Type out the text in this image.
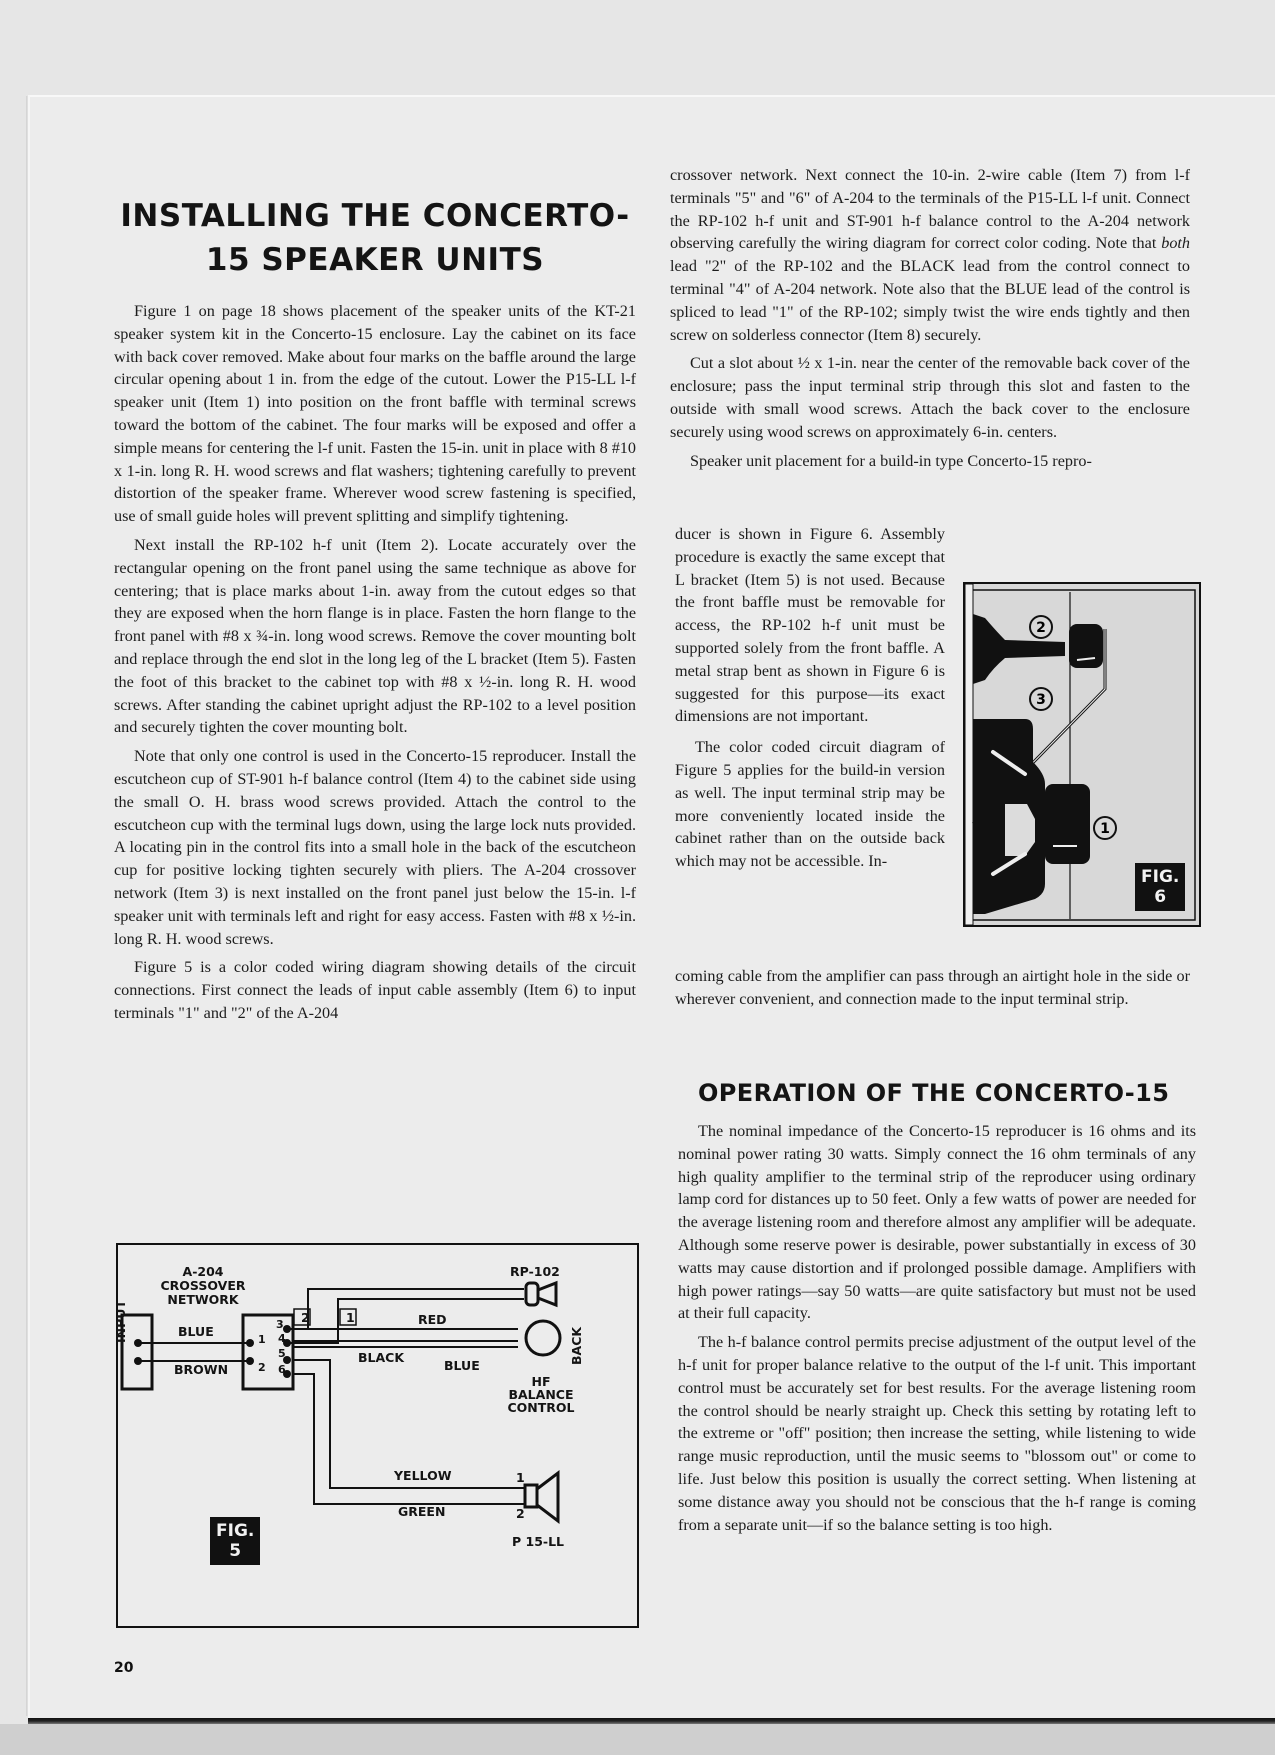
INSTALLING THE CONCERTO-15 SPEAKER UNITS

Figure 1 on page 18 shows placement of the speaker units of the KT-21 speaker system kit in the Concerto-15 enclosure. Lay the cabinet on its face with back cover removed. Make about four marks on the baffle around the large circular opening about 1 in. from the edge of the cutout. Lower the P15-LL l-f speaker unit (Item 1) into position on the front baffle with terminal screws toward the bottom of the cabinet. The four marks will be exposed and offer a simple means for centering the l-f unit. Fasten the 15-in. unit in place with 8 #10 x 1-in. long R. H. wood screws and flat washers; tightening carefully to prevent distortion of the speaker frame. Wherever wood screw fastening is specified, use of small guide holes will prevent splitting and simplify tightening.

Next install the RP-102 h-f unit (Item 2). Locate accurately over the rectangular opening on the front panel using the same technique as above for centering; that is place marks about 1-in. away from the cutout edges so that they are exposed when the horn flange is in place. Fasten the horn flange to the front panel with #8 x ¾-in. long wood screws. Remove the cover mounting bolt and replace through the end slot in the long leg of the L bracket (Item 5). Fasten the foot of this bracket to the cabinet top with #8 x ½-in. long R. H. wood screws. After standing the cabinet upright adjust the RP-102 to a level position and securely tighten the cover mounting bolt.

Note that only one control is used in the Concerto-15 reproducer. Install the escutcheon cup of ST-901 h-f balance control (Item 4) to the cabinet side using the small O. H. brass wood screws provided. Attach the control to the escutcheon cup with the terminal lugs down, using the large lock nuts provided. A locating pin in the control fits into a small hole in the back of the escutcheon cup for positive locking tighten securely with pliers. The A-204 crossover network (Item 3) is next installed on the front panel just below the 15-in. l-f speaker unit with terminals left and right for easy access. Fasten with #8 x ½-in. long R. H. wood screws.

Figure 5 is a color coded wiring diagram showing details of the circuit connections. First connect the leads of input cable assembly (Item 6) to input terminals "1" and "2" of the A-204

crossover network. Next connect the 10-in. 2-wire cable (Item 7) from l-f terminals "5" and "6" of A-204 to the terminals of the P15-LL l-f unit. Connect the RP-102 h-f unit and ST-901 h-f balance control to the A-204 network observing carefully the wiring diagram for correct color coding. Note that both lead "2" of the RP-102 and the BLACK lead from the control connect to terminal "4" of A-204 network. Note also that the BLUE lead of the control is spliced to lead "1" of the RP-102; simply twist the wire ends tightly and then screw on solderless connector (Item 8) securely.

Cut a slot about ½ x 1-in. near the center of the removable back cover of the enclosure; pass the input terminal strip through this slot and fasten to the outside with small wood screws. Attach the back cover to the enclosure securely using wood screws on approximately 6-in. centers.

Speaker unit placement for a build-in type Concerto-15 repro-

ducer is shown in Figure 6. Assembly procedure is exactly the same except that L bracket (Item 5) is not used. Because the front baffle must be removable for access, the RP-102 h-f unit must be supported solely from the front baffle. A metal strap bent as shown in Figure 6 is suggested for this purpose—its exact dimensions are not important.

The color coded circuit diagram of Figure 5 applies for the build-in version as well. The input terminal strip may be more conveniently located inside the cabinet rather than on the outside back which may not be accessible. In-

coming cable from the amplifier can pass through an airtight hole in the side or wherever convenient, and connection made to the input terminal strip.

2
3
1
FIG.
6
2	1
INPUT
A-204
CROSSOVER
NETWORK
BLUE
BROWN
3
4
5
6
1
2
RED
BLACK
BLUE
YELLOW
GREEN
RP-102
HF
BALANCE
CONTROL
BACK
1
2
P 15-LL
FIG.
5
OPERATION OF THE CONCERTO-15

The nominal impedance of the Concerto-15 reproducer is 16 ohms and its nominal power rating 30 watts. Simply connect the 16 ohm terminals of any high quality amplifier to the terminal strip of the reproducer using ordinary lamp cord for distances up to 50 feet. Only a few watts of power are needed for the average listening room and therefore almost any amplifier will be adequate. Although some reserve power is desirable, power substantially in excess of 30 watts may cause distortion and if prolonged possible damage. Amplifiers with high power ratings—say 50 watts—are quite satisfactory but must not be used at their full capacity.

The h-f balance control permits precise adjustment of the output level of the h-f unit for proper balance relative to the output of the l-f unit. This important control must be accurately set for best results. For the average listening room the control should be nearly straight up. Check this setting by rotating left to the extreme or "off" position; then increase the setting, while listening to wide range music reproduction, until the music seems to "blossom out" or come to life. Just below this position is usually the correct setting. When listening at some distance away you should not be conscious that the h-f range is coming from a separate unit—if so the balance setting is too high.

20
